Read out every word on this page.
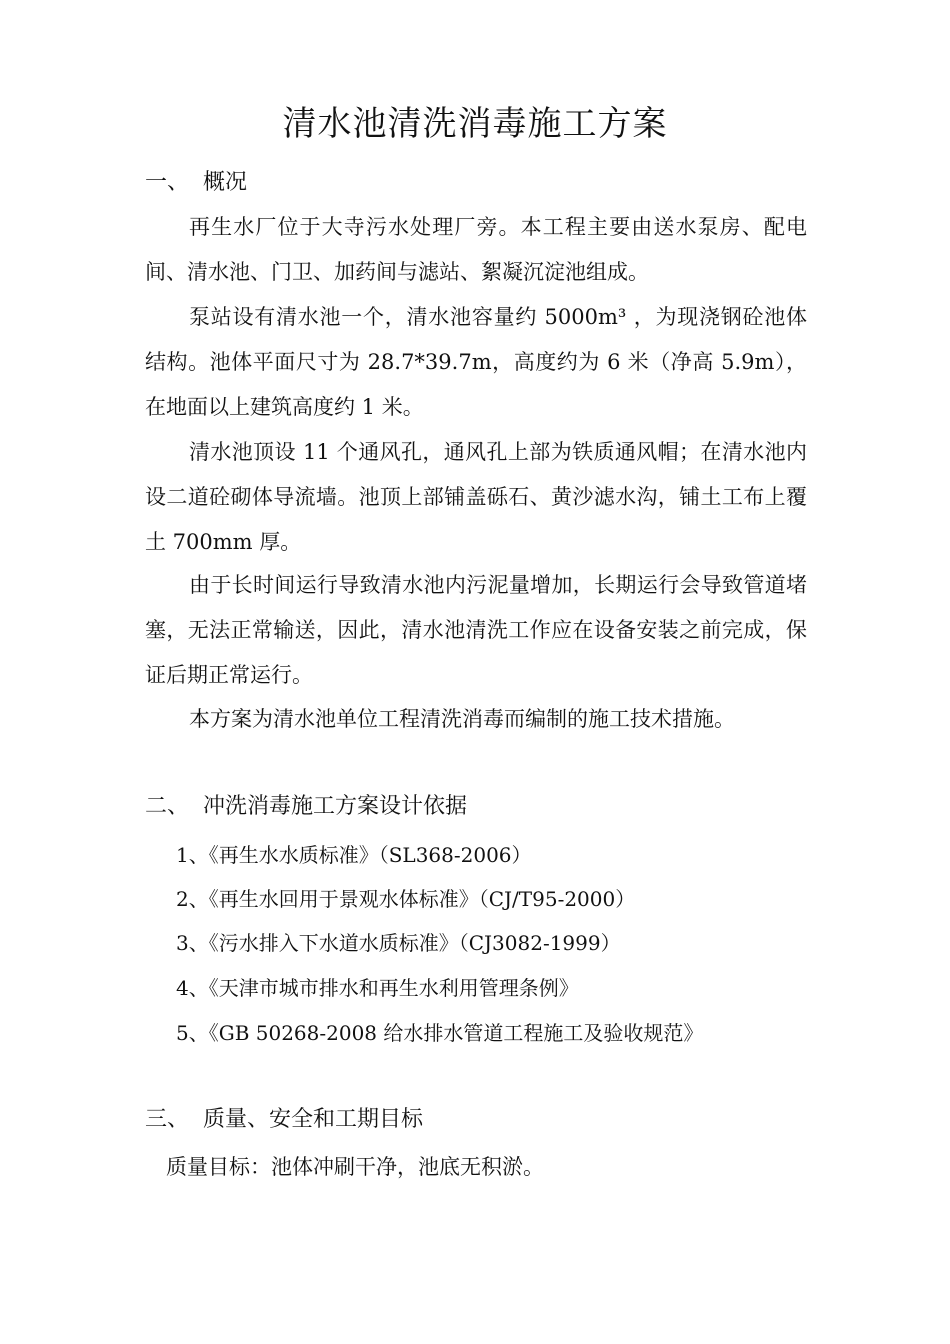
清水池清洗消毒施工方案
一、 概况

再生水厂位于大寺污水处理厂旁。本工程主要由送水泵房、配电间、清水池、门卫、加药间与滤站、絮凝沉淀池组成。

泵站设有清水池一个，清水池容量约 5000m³ ，为现浇钢砼池体结构。池体平面尺寸为 28.7*39.7m，高度约为 6 米（净高 5.9m），在地面以上建筑高度约 1 米。

清水池顶设 11 个通风孔，通风孔上部为铁质通风帽；在清水池内设二道砼砌体导流墙。池顶上部铺盖砾石、黄沙滤水沟，铺土工布上覆土 700mm 厚。

由于长时间运行导致清水池内污泥量增加，长期运行会导致管道堵塞，无法正常输送，因此，清水池清洗工作应在设备安装之前完成，保证后期正常运行。

本方案为清水池单位工程清洗消毒而编制的施工技术措施。

二、 冲洗消毒施工方案设计依据
1、《再生水水质标准》（SL368-2006）
2、《再生水回用于景观水体标准》（CJ/T95-2000）
3、《污水排入下水道水质标准》（CJ3082-1999）
4、《天津市城市排水和再生水利用管理条例》
5、《GB 50268-2008 给水排水管道工程施工及验收规范》
三、 质量、安全和工期目标
质量目标：池体冲刷干净，池底无积淤。
